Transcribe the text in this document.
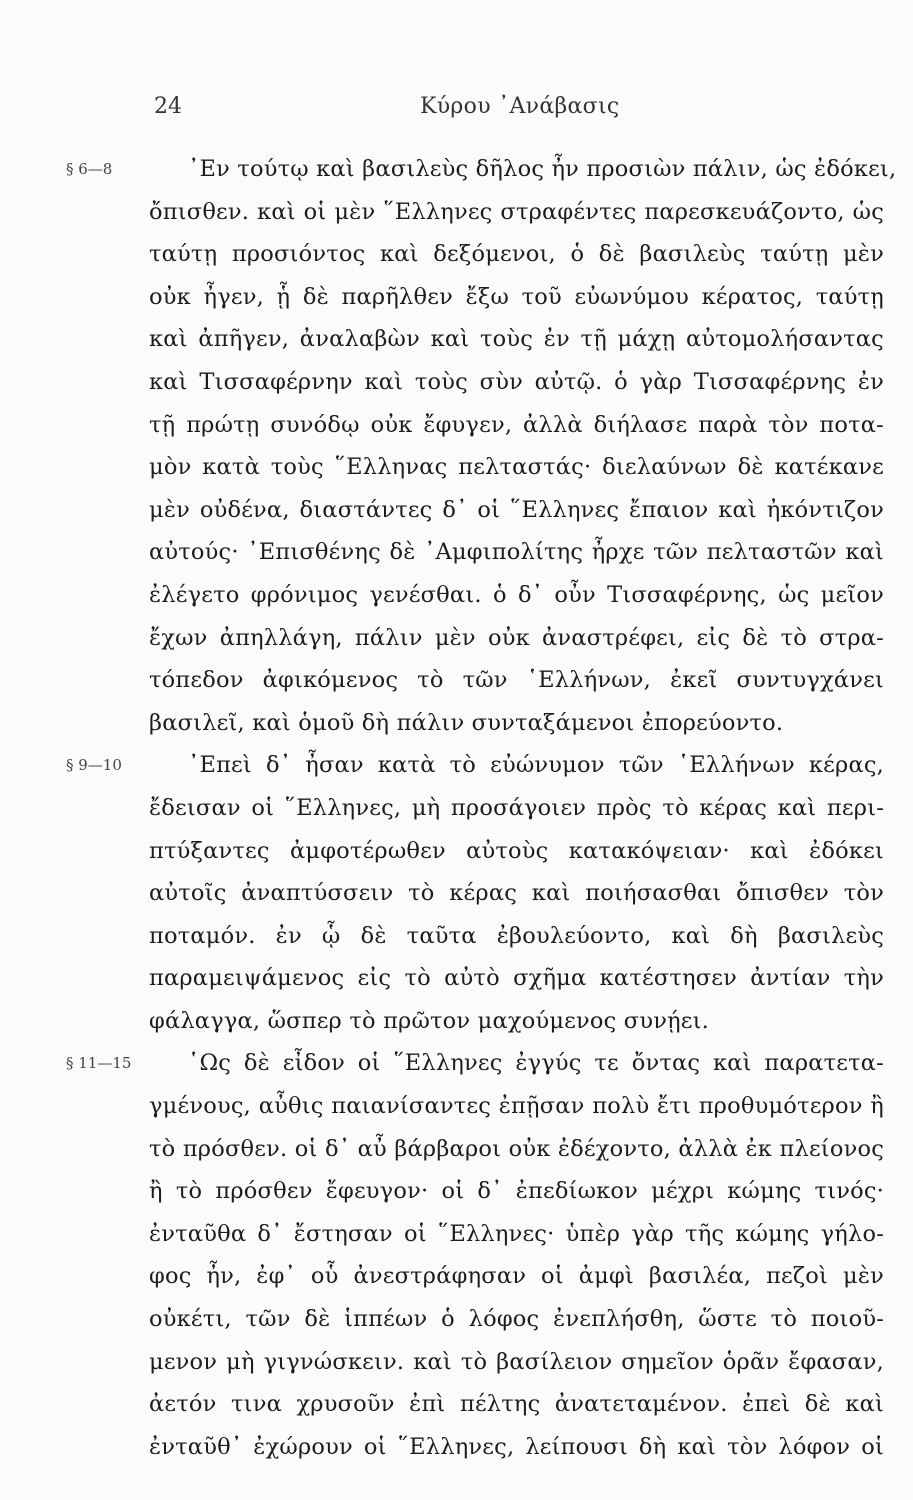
24	Κύρου ᾿Ανάβασις
§ 6—8	᾿Εν τούτῳ καὶ βασιλεὺς δῆλος ἦν προσιὼν πάλιν, ὡς ἐδόκει,
ὄπισθεν. καὶ οἱ μὲν ῞Ελληνες στραφέντες παρεσκευάζοντο, ὡς
ταύτῃ προσιόντος καὶ δεξόμενοι, ὁ δὲ βασιλεὺς ταύτῃ μὲν
οὐκ ἦγεν, ᾗ δὲ παρῆλθεν ἔξω τοῦ εὐωνύμου κέρατος, ταύτῃ
καὶ ἀπῆγεν, ἀναλαβὼν καὶ τοὺς ἐν τῇ μάχῃ αὐτομολήσαντας
καὶ Τισσαφέρνην καὶ τοὺς σὺν αὐτῷ. ὁ γὰρ Τισσαφέρνης ἐν
τῇ πρώτῃ συνόδῳ οὐκ ἔφυγεν, ἀλλὰ διήλασε παρὰ τὸν ποτα-
μὸν κατὰ τοὺς ῞Ελληνας πελταστάς· διελαύνων δὲ κατέκανε
μὲν οὐδένα, διαστάντες δ᾿ οἱ ῞Ελληνες ἔπαιον καὶ ἠκόντιζον
αὐτούς· ᾿Επισθένης δὲ ᾿Αμφιπολίτης ἦρχε τῶν πελταστῶν καὶ
ἐλέγετο φρόνιμος γενέσθαι. ὁ δ᾿ οὖν Τισσαφέρνης, ὡς μεῖον
ἔχων ἀπηλλάγη, πάλιν μὲν οὐκ ἀναστρέφει, εἰς δὲ τὸ στρα-
τόπεδον ἀφικόμενος τὸ τῶν ῾Ελλήνων, ἐκεῖ συντυγχάνει
βασιλεῖ, καὶ ὁμοῦ δὴ πάλιν συνταξάμενοι ἐπορεύοντο.
§ 9—10	᾿Επεὶ δ᾿ ἦσαν κατὰ τὸ εὐώνυμον τῶν ῾Ελλήνων κέρας,
ἔδεισαν οἱ ῞Ελληνες, μὴ προσάγοιεν πρὸς τὸ κέρας καὶ περι-
πτύξαντες ἀμφοτέρωθεν αὐτοὺς κατακόψειαν· καὶ ἐδόκει
αὐτοῖς ἀναπτύσσειν τὸ κέρας καὶ ποιήσασθαι ὄπισθεν τὸν
ποταμόν. ἐν ᾧ δὲ ταῦτα ἐβουλεύοντο, καὶ δὴ βασιλεὺς
παραμειψάμενος εἰς τὸ αὐτὸ σχῆμα κατέστησεν ἀντίαν τὴν
φάλαγγα, ὥσπερ τὸ πρῶτον μαχούμενος συνῄει.
§ 11—15	῾Ως δὲ εἶδον οἱ ῞Ελληνες ἐγγύς τε ὄντας καὶ παρατετα-
γμένους, αὖθις παιανίσαντες ἐπῇσαν πολὺ ἔτι προθυμότερον ἢ
τὸ πρόσθεν. οἱ δ᾿ αὖ βάρβαροι οὐκ ἐδέχοντο, ἀλλὰ ἐκ πλείονος
ἢ τὸ πρόσθεν ἔφευγον· οἱ δ᾿ ἐπεδίωκον μέχρι κώμης τινός·
ἐνταῦθα δ᾿ ἔστησαν οἱ ῞Ελληνες· ὑπὲρ γὰρ τῆς κώμης γήλο-
φος ἦν, ἐφ᾿ οὗ ἀνεστράφησαν οἱ ἀμφὶ βασιλέα, πεζοὶ μὲν
οὐκέτι, τῶν δὲ ἱππέων ὁ λόφος ἐνεπλήσθη, ὥστε τὸ ποιοῦ-
μενον μὴ γιγνώσκειν. καὶ τὸ βασίλειον σημεῖον ὁρᾶν ἔφασαν,
ἀετόν τινα χρυσοῦν ἐπὶ πέλτης ἀνατεταμένον. ἐπεὶ δὲ καὶ
ἐνταῦθ᾿ ἐχώρουν οἱ ῞Ελληνες, λείπουσι δὴ καὶ τὸν λόφον οἱ
